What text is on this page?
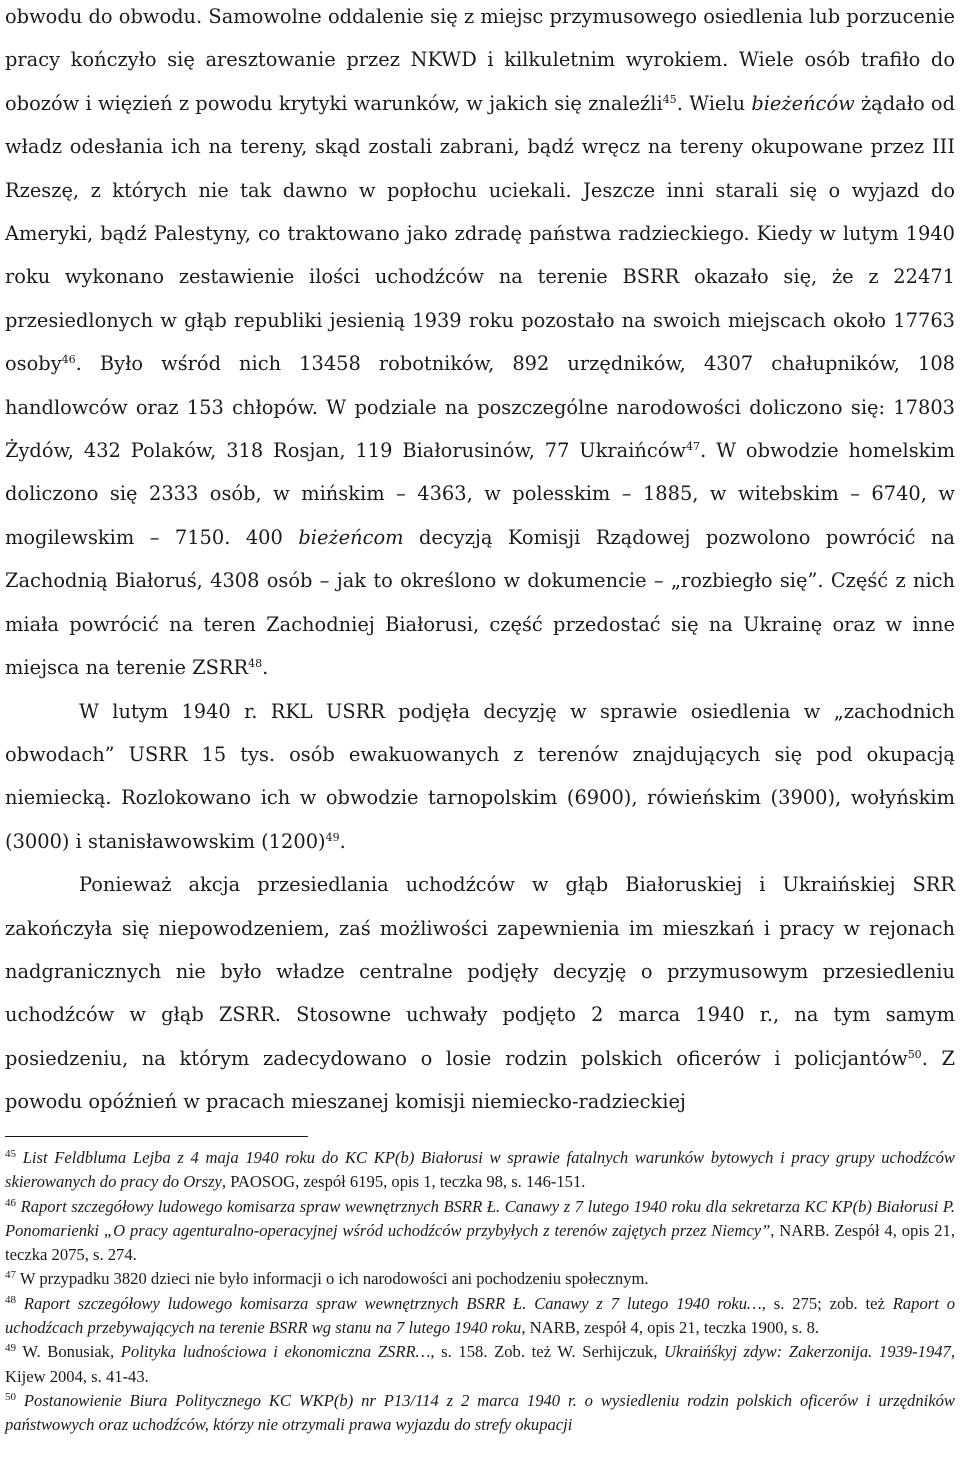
obwodu do obwodu. Samowolne oddalenie się z miejsc przymusowego osiedlenia lub porzucenie pracy kończyło się aresztowanie przez NKWD i kilkuletnim wyrokiem. Wiele osób trafiło do obozów i więzień z powodu krytyki warunków, w jakich się znaleźli$^{45}$. Wielu bieżeńców żądało od władz odesłania ich na tereny, skąd zostali zabrani, bądź wręcz na tereny okupowane przez III Rzeszę, z których nie tak dawno w popłochu uciekali. Jeszcze inni starali się o wyjazd do Ameryki, bądź Palestyny, co traktowano jako zdradę państwa radzieckiego. Kiedy w lutym 1940 roku wykonano zestawienie ilości uchodźców na terenie BSRR okazało się, że z 22471 przesiedlonych w głąb republiki jesienią 1939 roku pozostało na swoich miejscach około 17763 osoby$^{46}$. Było wśród nich 13458 robotników, 892 urzędników, 4307 chałupników, 108 handlowców oraz 153 chłopów. W podziale na poszczególne narodowości doliczono się: 17803 Żydów, 432 Polaków, 318 Rosjan, 119 Białorusinów, 77 Ukraińców$^{47}$. W obwodzie homelskim doliczono się 2333 osób, w mińskim – 4363, w polesskim – 1885, w witebskim – 6740, w mogilewskim – 7150. 400 bieżeńcom decyzją Komisji Rządowej pozwolono powrócić na Zachodnią Białoruś, 4308 osób – jak to określono w dokumencie – „rozbiegło się”. Część z nich miała powrócić na teren Zachodniej Białorusi, część przedostać się na Ukrainę oraz w inne miejsca na terenie ZSRR$^{48}$.

W lutym 1940 r. RKL USRR podjęła decyzję w sprawie osiedlenia w „zachodnich obwodach” USRR 15 tys. osób ewakuowanych z terenów znajdujących się pod okupacją niemiecką. Rozlokowano ich w obwodzie tarnopolskim (6900), rówieńskim (3900), wołyńskim (3000) i stanisławowskim $(1200)^{49}$.

Ponieważ akcja przesiedlania uchodźców w głąb Białoruskiej i Ukraińskiej SRR zakończyła się niepowodzeniem, zaś możliwości zapewnienia im mieszkań i pracy w rejonach nadgranicznych nie było władze centralne podjęły decyzję o przymusowym przesiedleniu uchodźców w głąb ZSRR. Stosowne uchwały podjęto 2 marca 1940 r., na tym samym posiedzeniu, na którym zadecydowano o losie rodzin polskich oficerów i policjantów$^{50}$. Z powodu opóźnień w pracach mieszanej komisji niemiecko-radzieckiej

$^{45}$ List Feldbluma Lejba z 4 maja 1940 roku do KC KP(b) Białorusi w sprawie fatalnych warunków bytowych i pracy grupy uchodźców skierowanych do pracy do Orszy, PAOSOG, zespół 6195, opis 1, teczka 98, s. 146-151.

$^{46}$ Raport szczegółowy ludowego komisarza spraw wewnętrznych BSRR Ł. Canawy z 7 lutego 1940 roku dla sekretarza KC KP(b) Białorusi P. Ponomarienki „O pracy agenturalno-operacyjnej wśród uchodźców przybyłych z terenów zajętych przez Niemcy”, NARB. Zespół 4, opis 21, teczka 2075, s. 274.

$^{47}$ W przypadku 3820 dzieci nie było informacji o ich narodowości ani pochodzeniu społecznym.

$^{48}$ Raport szczegółowy ludowego komisarza spraw wewnętrznych BSRR Ł. Canawy z 7 lutego 1940 roku…, s. 275; zob. też Raport o uchodźcach przebywających na terenie BSRR wg stanu na 7 lutego 1940 roku, NARB, zespół 4, opis 21, teczka 1900, s. 8.

$^{49}$ W. Bonusiak, Polityka ludnościowa i ekonomiczna ZSRR…, s. 158. Zob. też W. Serhijczuk, Ukraińśkyj zdyw: Zakerzonija. 1939-1947, Kijew 2004, s. 41-43.

$^{50}$ Postanowienie Biura Politycznego KC WKP(b) nr P13/114 z 2 marca 1940 r. o wysiedleniu rodzin polskich oficerów i urzędników państwowych oraz uchodźców, którzy nie otrzymali prawa wyjazdu do strefy okupacji
